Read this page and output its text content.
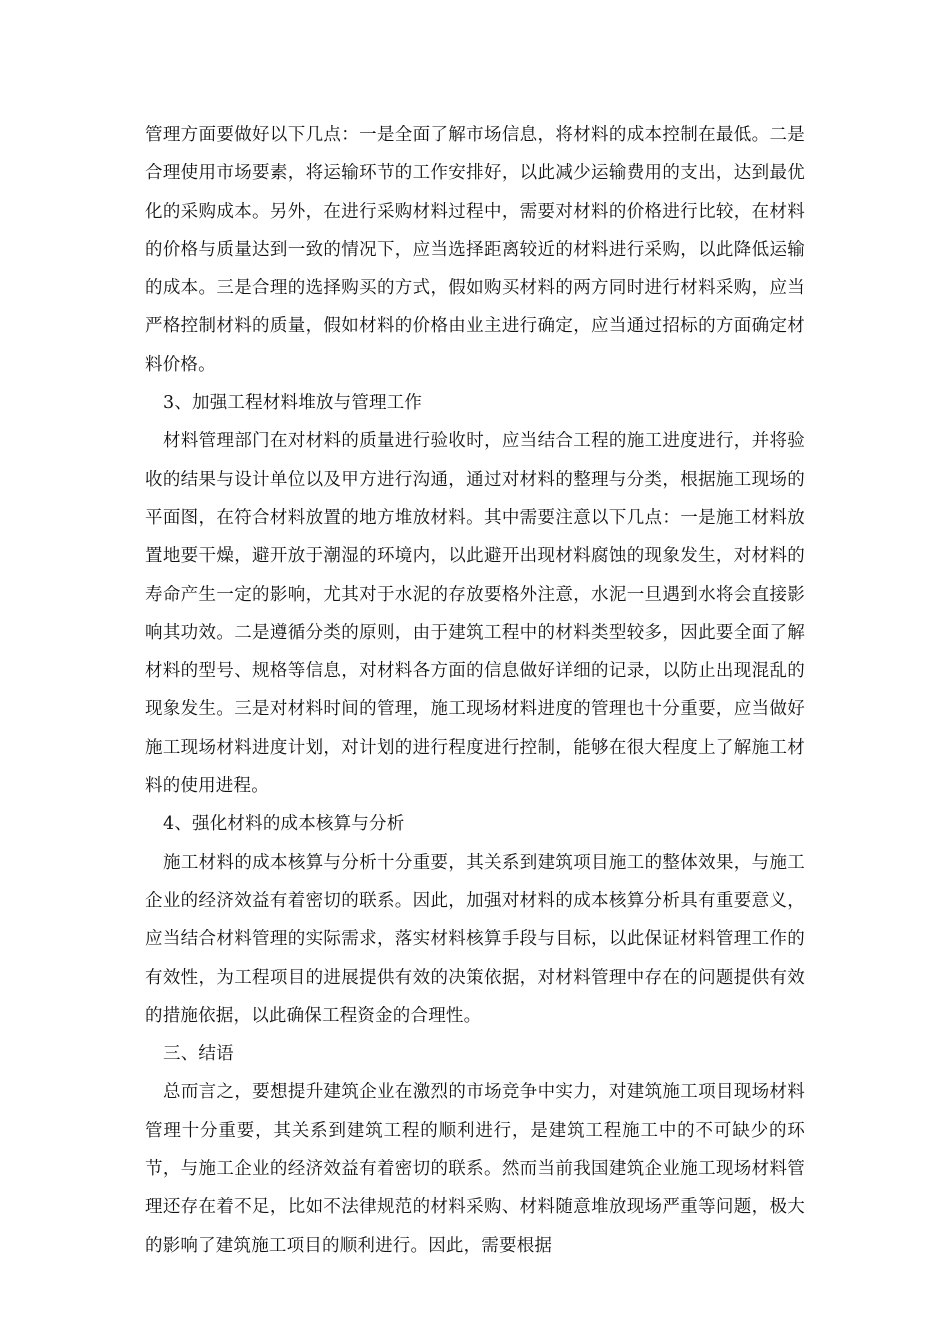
管理方面要做好以下几点：一是全面了解市场信息，将材料的成本控制在最低。二是合理使用市场要素，将运输环节的工作安排好，以此减少运输费用的支出，达到最优化的采购成本。另外，在进行采购材料过程中，需要对材料的价格进行比较，在材料的价格与质量达到一致的情况下，应当选择距离较近的材料进行采购，以此降低运输的成本。三是合理的选择购买的方式，假如购买材料的两方同时进行材料采购，应当严格控制材料的质量，假如材料的价格由业主进行确定，应当通过招标的方面确定材料价格。

3、加强工程材料堆放与管理工作

材料管理部门在对材料的质量进行验收时，应当结合工程的施工进度进行，并将验收的结果与设计单位以及甲方进行沟通，通过对材料的整理与分类，根据施工现场的平面图，在符合材料放置的地方堆放材料。其中需要注意以下几点：一是施工材料放置地要干燥，避开放于潮湿的环境内，以此避开出现材料腐蚀的现象发生，对材料的寿命产生一定的影响，尤其对于水泥的存放要格外注意，水泥一旦遇到水将会直接影响其功效。二是遵循分类的原则，由于建筑工程中的材料类型较多，因此要全面了解材料的型号、规格等信息，对材料各方面的信息做好详细的记录，以防止出现混乱的现象发生。三是对材料时间的管理，施工现场材料进度的管理也十分重要，应当做好施工现场材料进度计划，对计划的进行程度进行控制，能够在很大程度上了解施工材料的使用进程。

4、强化材料的成本核算与分析

施工材料的成本核算与分析十分重要，其关系到建筑项目施工的整体效果，与施工企业的经济效益有着密切的联系。因此，加强对材料的成本核算分析具有重要意义，应当结合材料管理的实际需求，落实材料核算手段与目标，以此保证材料管理工作的有效性，为工程项目的进展提供有效的决策依据，对材料管理中存在的问题提供有效的措施依据，以此确保工程资金的合理性。

三、结语

总而言之，要想提升建筑企业在激烈的市场竞争中实力，对建筑施工项目现场材料管理十分重要，其关系到建筑工程的顺利进行，是建筑工程施工中的不可缺少的环节，与施工企业的经济效益有着密切的联系。然而当前我国建筑企业施工现场材料管理还存在着不足，比如不法律规范的材料采购、材料随意堆放现场严重等问题，极大的影响了建筑施工项目的顺利进行。因此，需要根据
